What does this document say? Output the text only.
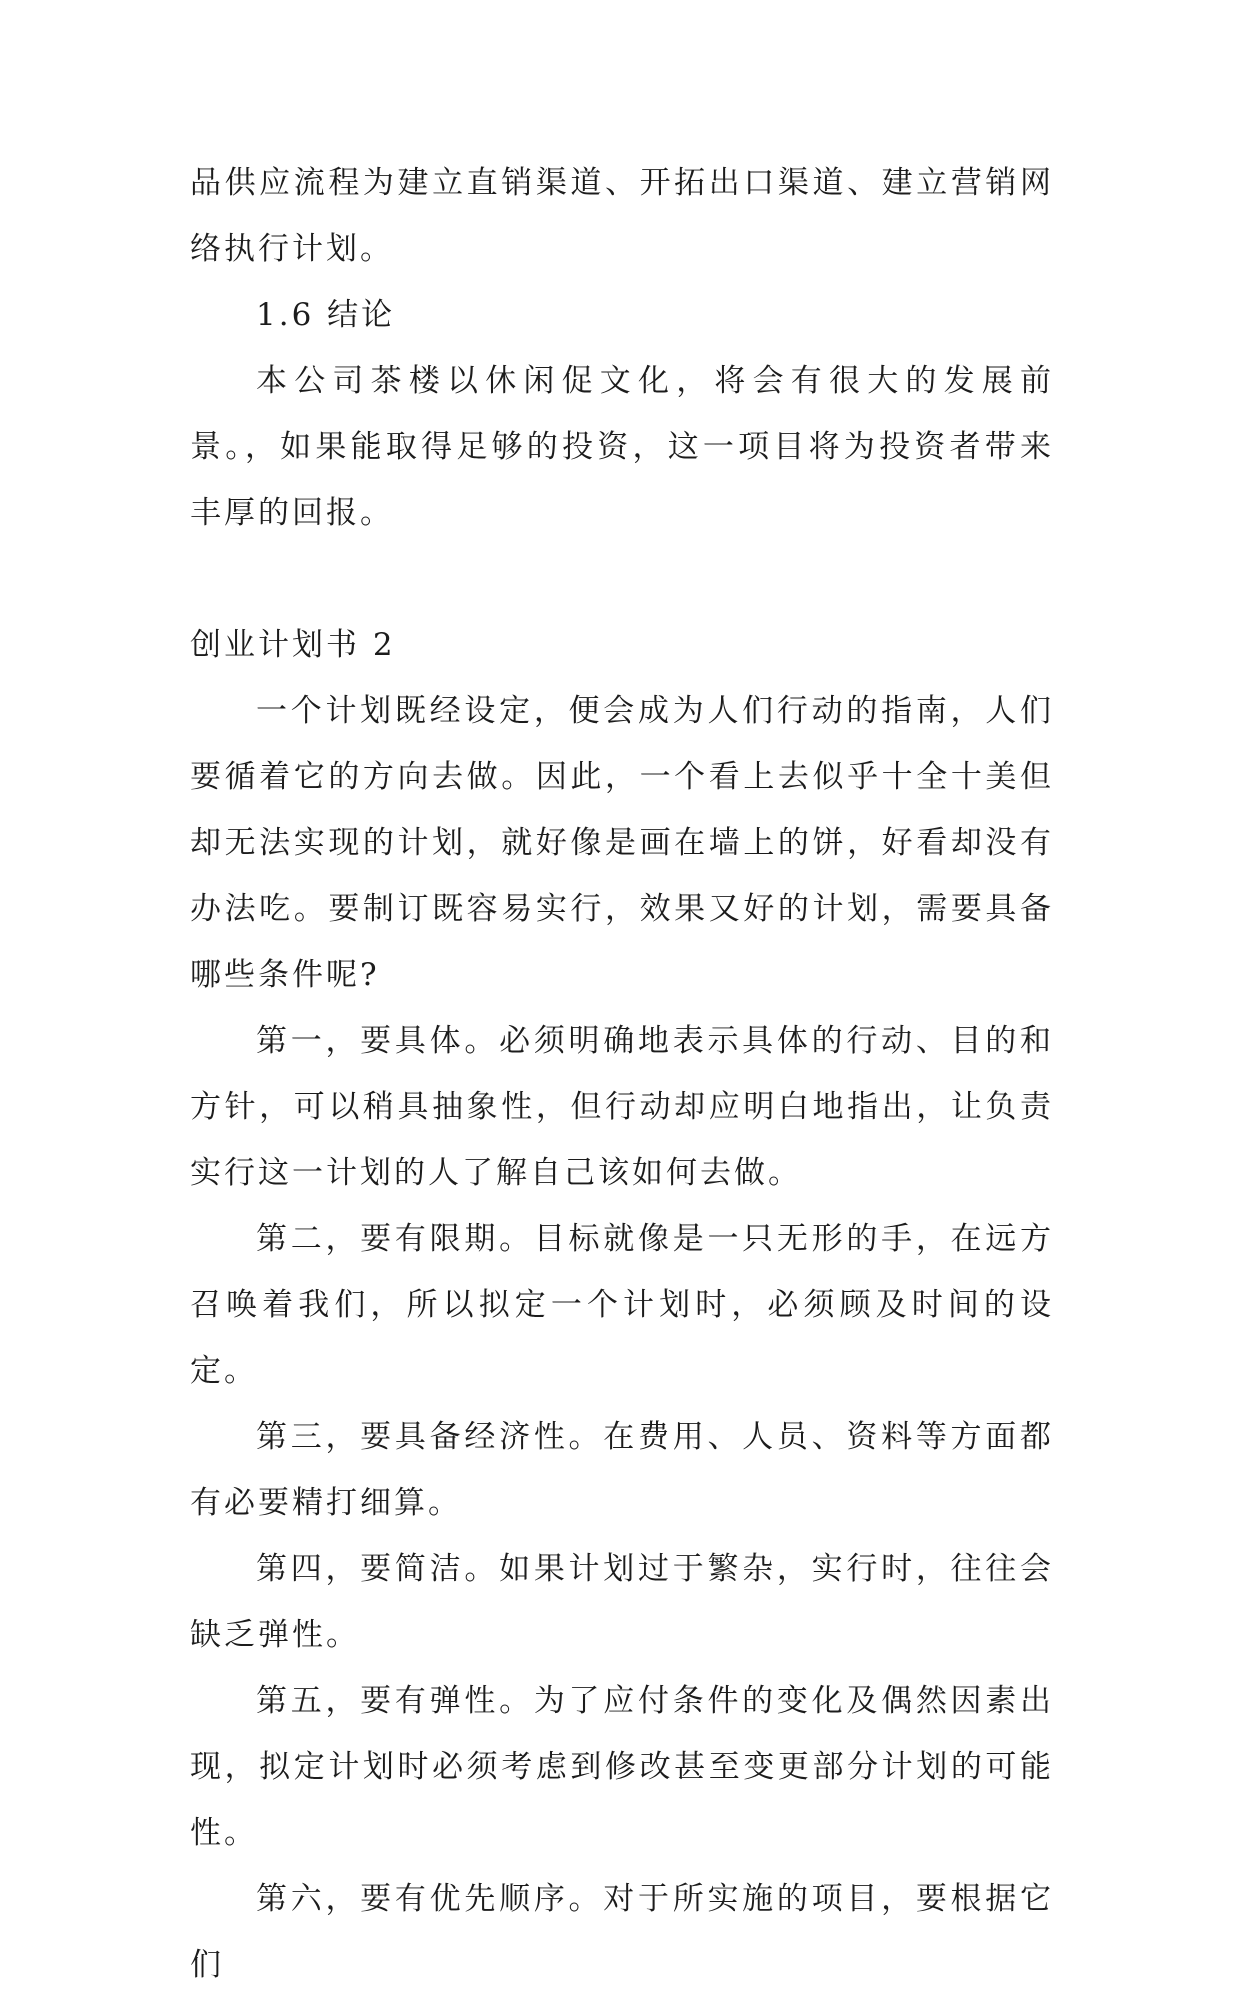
品供应流程为建立直销渠道、开拓出口渠道、建立营销网络执行计划。

1.6 结论

本公司茶楼以休闲促文化，将会有很大的发展前景。，如果能取得足够的投资，这一项目将为投资者带来丰厚的回报。

创业计划书 2

一个计划既经设定，便会成为人们行动的指南，人们要循着它的方向去做。因此，一个看上去似乎十全十美但却无法实现的计划，就好像是画在墙上的饼，好看却没有办法吃。要制订既容易实行，效果又好的计划，需要具备哪些条件呢?

第一，要具体。必须明确地表示具体的行动、目的和方针，可以稍具抽象性，但行动却应明白地指出，让负责实行这一计划的人了解自己该如何去做。

第二，要有限期。目标就像是一只无形的手，在远方召唤着我们，所以拟定一个计划时，必须顾及时间的设定。

第三，要具备经济性。在费用、人员、资料等方面都有必要精打细算。

第四，要简洁。如果计划过于繁杂，实行时，往往会缺乏弹性。

第五，要有弹性。为了应付条件的变化及偶然因素出现，拟定计划时必须考虑到修改甚至变更部分计划的可能性。

第六，要有优先顺序。对于所实施的项目，要根据它们
